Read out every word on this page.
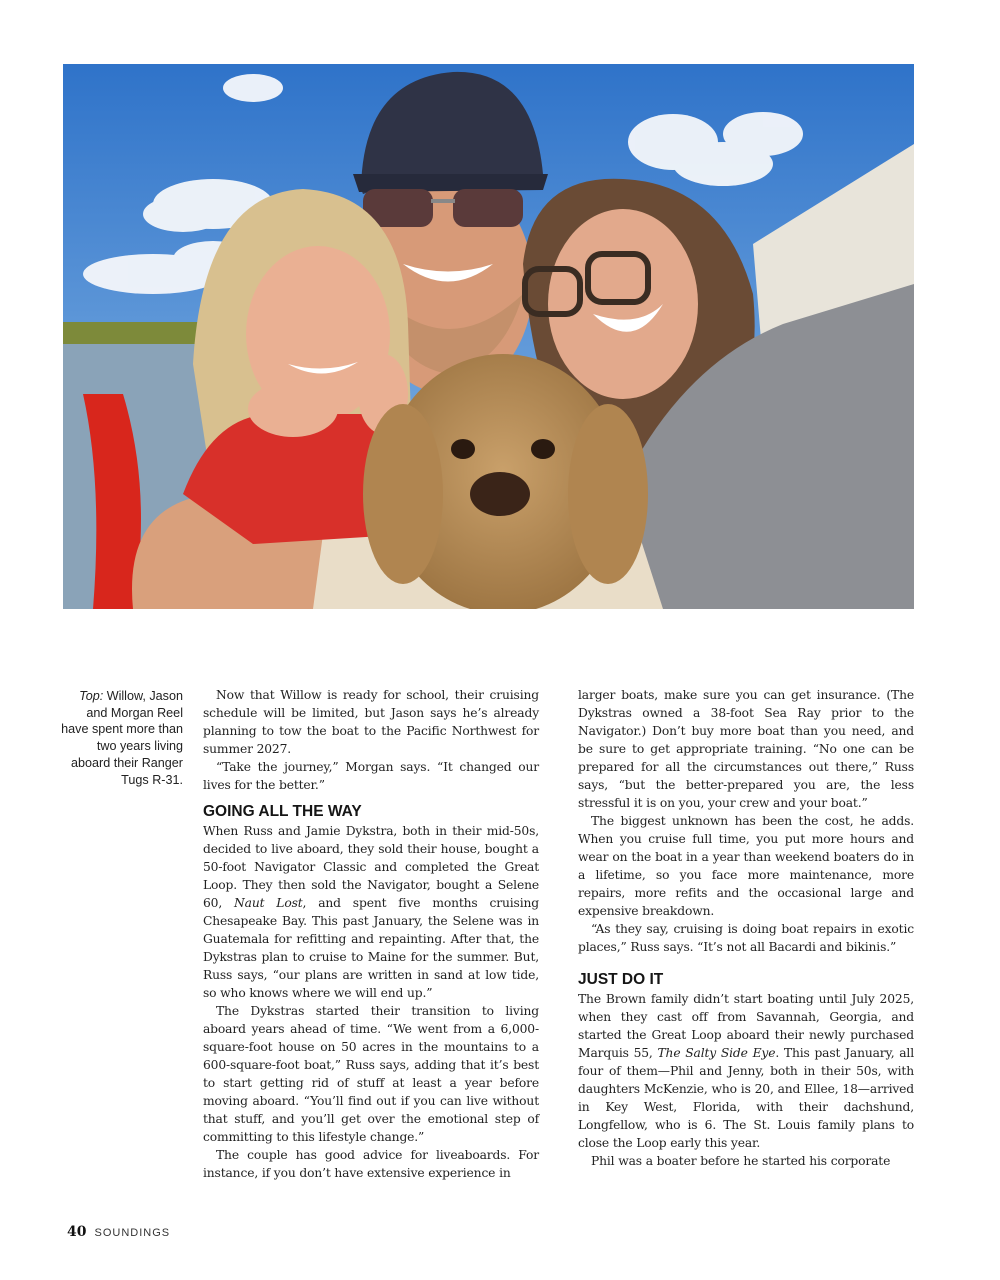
Top: Willow, Jason and Morgan Reel have spent more than two years living aboard their Ranger Tugs R-31.

Now that Willow is ready for school, their cruising schedule will be limited, but Jason says he’s already planning to tow the boat to the Pacific Northwest for summer 2027.

“Take the journey,” Morgan says. “It changed our lives for the better.”

GOING ALL THE WAY

When Russ and Jamie Dykstra, both in their mid-50s, decided to live aboard, they sold their house, bought a 50-foot Navigator Classic and completed the Great Loop. They then sold the Navigator, bought a Selene 60, Naut Lost, and spent five months cruising Chesapeake Bay. This past January, the Selene was in Guatemala for refitting and repainting. After that, the Dykstras plan to cruise to Maine for the summer. But, Russ says, “our plans are written in sand at low tide, so who knows where we will end up.”

The Dykstras started their transition to living aboard years ahead of time. “We went from a 6,000-square-foot house on 50 acres in the mountains to a 600-square-foot boat,” Russ says, adding that it’s best to start getting rid of stuff at least a year before moving aboard. “You’ll find out if you can live without that stuff, and you’ll get over the emotional step of committing to this lifestyle change.”

The couple has good advice for liveaboards. For instance, if you don’t have extensive experience in

larger boats, make sure you can get insurance. (The Dykstras owned a 38-foot Sea Ray prior to the Navigator.) Don’t buy more boat than you need, and be sure to get appropriate training. “No one can be prepared for all the circumstances out there,” Russ says, “but the better-prepared you are, the less stressful it is on you, your crew and your boat.”

The biggest unknown has been the cost, he adds. When you cruise full time, you put more hours and wear on the boat in a year than weekend boaters do in a lifetime, so you face more maintenance, more repairs, more refits and the occasional large and expensive breakdown.

“As they say, cruising is doing boat repairs in exotic places,” Russ says. “It’s not all Bacardi and bikinis.”

JUST DO IT

The Brown family didn’t start boating until July 2025, when they cast off from Savannah, Georgia, and started the Great Loop aboard their newly purchased Marquis 55, The Salty Side Eye. This past January, all four of them—Phil and Jenny, both in their 50s, with daughters McKenzie, who is 20, and Ellee, 18—arrived in Key West, Florida, with their dachshund, Longfellow, who is 6. The St. Louis family plans to close the Loop early this year.

Phil was a boater before he started his corporate

40 SOUNDINGS
